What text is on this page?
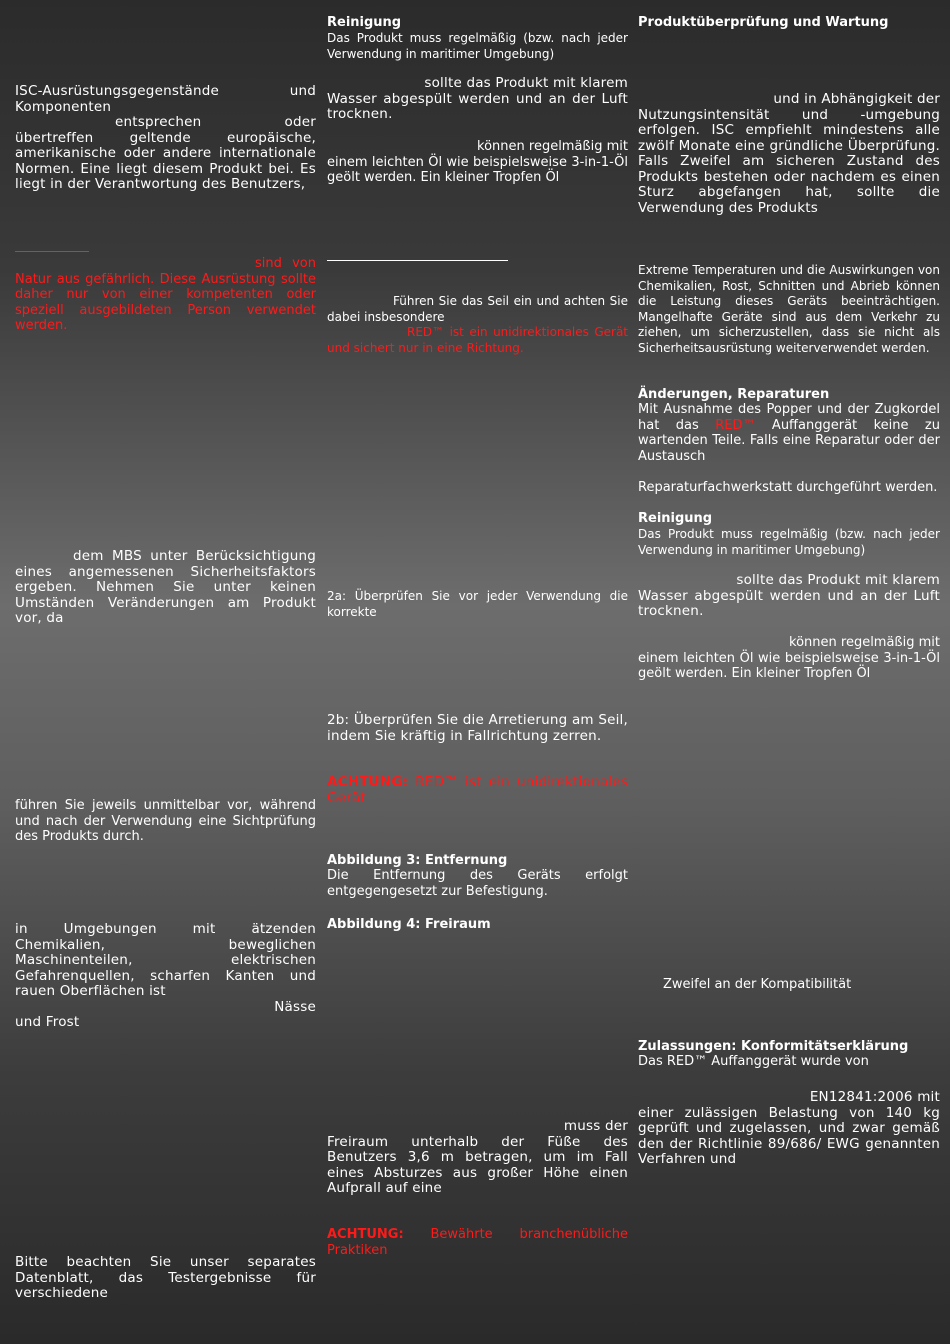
ISC-Ausrüstungsgegenstände und Komponenten
entsprechen oder übertreffen geltende europäische, amerikanische oder andere internationale Normen. Eine liegt diesem Produkt bei. Es liegt in der Verantwortung des Benutzers,

sind von Natur aus gefährlich. Diese Ausrüstung sollte daher nur von einer kompetenten oder speziell ausgebildeten Person verwendet werden.

dem MBS unter Berücksichtigung eines angemessenen Sicherheitsfaktors ergeben. Nehmen Sie unter keinen Umständen Veränderungen am Produkt vor, da

führen Sie jeweils unmittelbar vor, während und nach der Verwendung eine Sichtprüfung des Produkts durch.

in Umgebungen mit ätzenden Chemikalien, beweglichen Maschinenteilen, elektrischen Gefahrenquellen, scharfen Kanten und rauen Oberflächen ist

Nässe
und Frost

Bitte beachten Sie unser separates Datenblatt, das Testergebnisse für verschiedene

Reinigung

Das Produkt muss regelmäßig (bzw. nach jeder Verwendung in maritimer Umgebung)

sollte das Produkt mit klarem
Wasser abgespült werden und an der Luft trocknen.

können regelmäßig mit
einem leichten Öl wie beispielsweise 3-in-1-Öl geölt werden. Ein kleiner Tropfen Öl

Führen Sie das Seil ein und achten Sie dabei insbesondere

RED™ ist ein unidirektionales Gerät und sichert nur in eine Richtung.

2a: Überprüfen Sie vor jeder Verwendung die korrekte

2b: Überprüfen Sie die Arretierung am Seil, indem Sie kräftig in Fallrichtung zerren.

ACHTUNG: RED™ ist ein unidirektionales Gerät

Abbildung 3: Entfernung

Die Entfernung des Geräts erfolgt entgegengesetzt zur Befestigung.

Abbildung 4: Freiraum

muss der
Freiraum unterhalb der Füße des Benutzers 3,6 m betragen, um im Fall eines Absturzes aus großer Höhe einen Aufprall auf eine

ACHTUNG: Bewährte branchenübliche Praktiken

Produktüberprüfung und Wartung

und in Abhängigkeit der
Nutzungsintensität und -umgebung erfolgen. ISC empfiehlt mindestens alle zwölf Monate eine gründliche Überprüfung. Falls Zweifel am sicheren Zustand des Produkts bestehen oder nachdem es einen Sturz abgefangen hat, sollte die Verwendung des Produkts

Extreme Temperaturen und die Auswirkungen von Chemikalien, Rost, Schnitten und Abrieb können die Leistung dieses Geräts beeinträchtigen. Mangelhafte Geräte sind aus dem Verkehr zu ziehen, um sicherzustellen, dass sie nicht als Sicherheitsausrüstung weiterverwendet werden.

Änderungen, Reparaturen

Mit Ausnahme des Popper und der Zugkordel hat das RED™ Auffanggerät keine zu wartenden Teile. Falls eine Reparatur oder der Austausch

Reparaturfachwerkstatt durchgeführt werden.

Reinigung

Das Produkt muss regelmäßig (bzw. nach jeder Verwendung in maritimer Umgebung)

sollte das Produkt mit klarem
Wasser abgespült werden und an der Luft trocknen.

können regelmäßig mit
einem leichten Öl wie beispielsweise 3-in-1-Öl geölt werden. Ein kleiner Tropfen Öl

Zweifel an der Kompatibilität

Zulassungen: Konformitätserklärung

Das RED™ Auffanggerät wurde von

EN12841:2006 mit
einer zulässigen Belastung von 140 kg geprüft und zugelassen, und zwar gemäß den der Richtlinie 89/686/ EWG genannten Verfahren und
